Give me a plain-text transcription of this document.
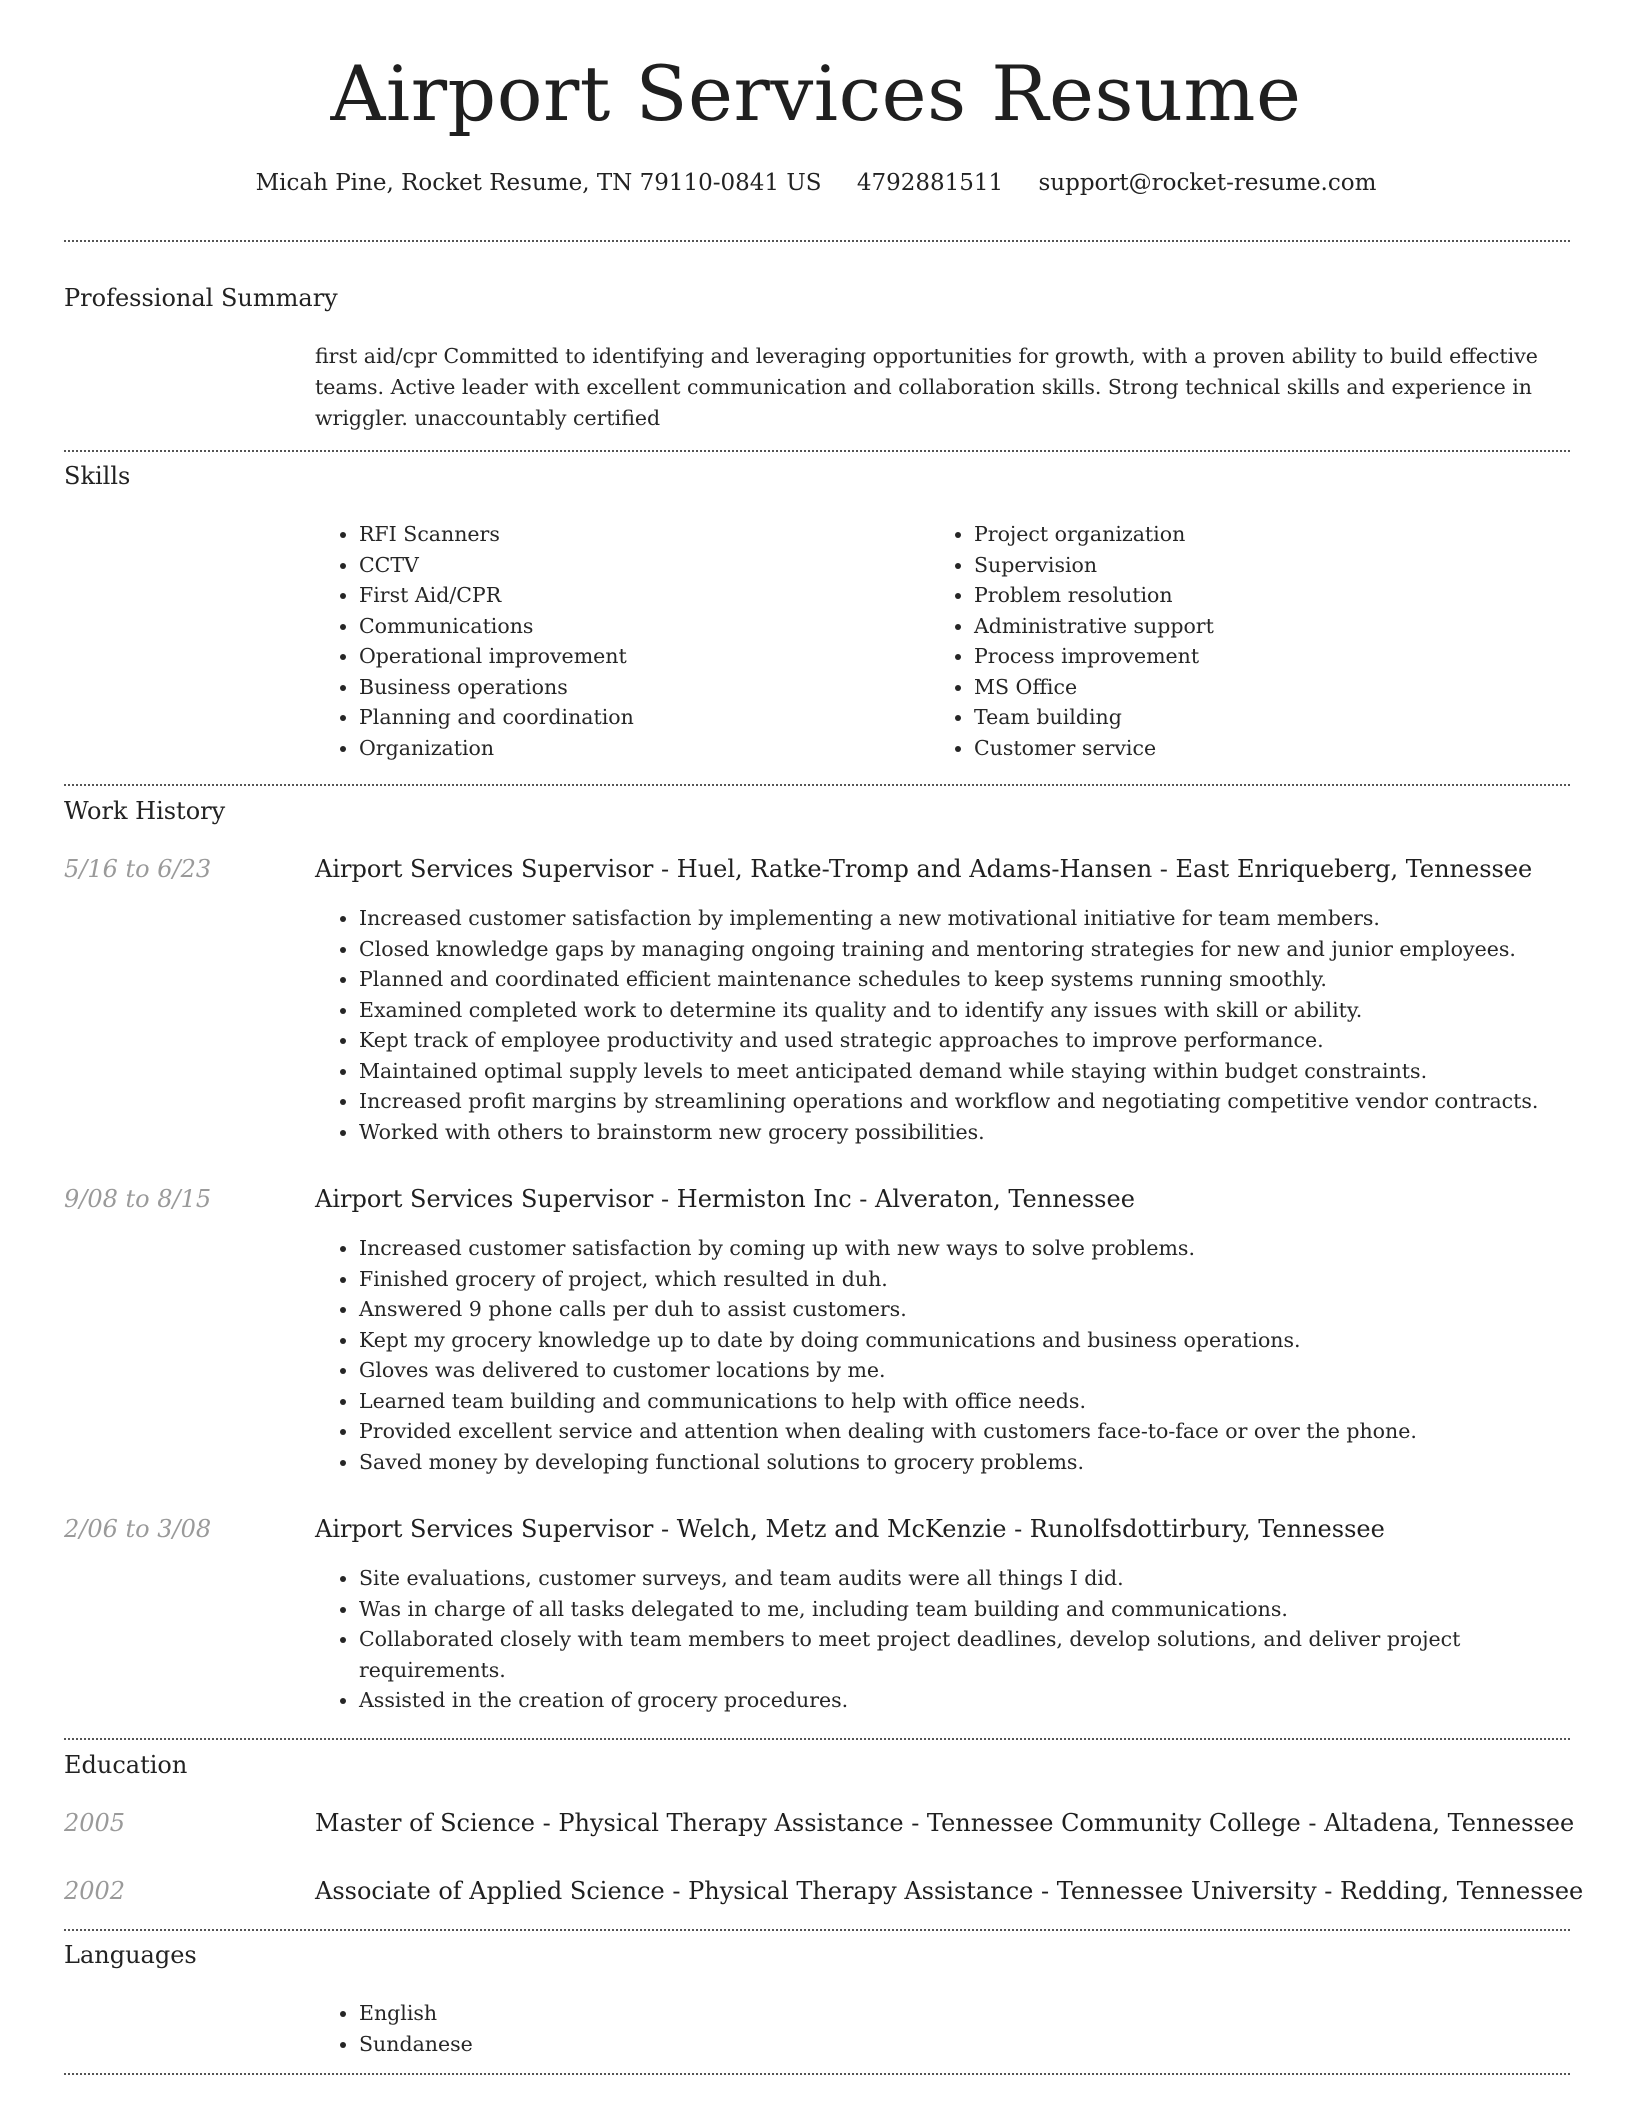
Airport Services Resume
Micah Pine, Rocket Resume, TN 79110-0841 US 4792881511 support@rocket-resume.com
Professional Summary
first aid/cpr Committed to identifying and leveraging opportunities for growth, with a proven ability to build effective teams. Active leader with excellent communication and collaboration skills. Strong technical skills and experience in wriggler. unaccountably certified
Skills
• RFI Scanners
• CCTV
• First Aid/CPR
• Communications
• Operational improvement
• Business operations
• Planning and coordination
• Organization
• Project organization
• Supervision
• Problem resolution
• Administrative support
• Process improvement
• MS Office
• Team building
• Customer service
Work History
5/16 to 6/23	Airport Services Supervisor - Huel, Ratke-Tromp and Adams-Hansen - East Enriqueberg, Tennessee
• Increased customer satisfaction by implementing a new motivational initiative for team members.
• Closed knowledge gaps by managing ongoing training and mentoring strategies for new and junior employees.
• Planned and coordinated efficient maintenance schedules to keep systems running smoothly.
• Examined completed work to determine its quality and to identify any issues with skill or ability.
• Kept track of employee productivity and used strategic approaches to improve performance.
• Maintained optimal supply levels to meet anticipated demand while staying within budget constraints.
• Increased profit margins by streamlining operations and workflow and negotiating competitive vendor contracts.
• Worked with others to brainstorm new grocery possibilities.
9/08 to 8/15	Airport Services Supervisor - Hermiston Inc - Alveraton, Tennessee
• Increased customer satisfaction by coming up with new ways to solve problems.
• Finished grocery of project, which resulted in duh.
• Answered 9 phone calls per duh to assist customers.
• Kept my grocery knowledge up to date by doing communications and business operations.
• Gloves was delivered to customer locations by me.
• Learned team building and communications to help with office needs.
• Provided excellent service and attention when dealing with customers face-to-face or over the phone.
• Saved money by developing functional solutions to grocery problems.
2/06 to 3/08	Airport Services Supervisor - Welch, Metz and McKenzie - Runolfsdottirbury, Tennessee
• Site evaluations, customer surveys, and team audits were all things I did.
• Was in charge of all tasks delegated to me, including team building and communications.
• Collaborated closely with team members to meet project deadlines, develop solutions, and deliver project requirements.
• Assisted in the creation of grocery procedures.
Education
2005	Master of Science - Physical Therapy Assistance - Tennessee Community College - Altadena, Tennessee
2002	Associate of Applied Science - Physical Therapy Assistance - Tennessee University - Redding, Tennessee
Languages
• English
• Sundanese
